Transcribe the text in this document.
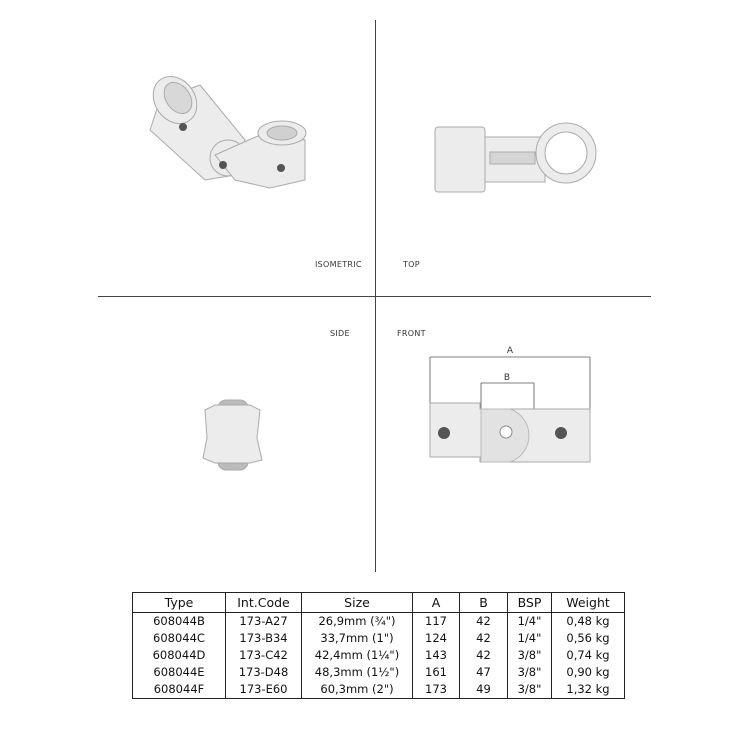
ISOMETRIC	TOP
SIDE	FRONT
A
B
Type	Int.Code	Size	A	B	BSP	Weight
608044B	173-A27	26,9mm (¾")	117	42	1/4"	0,48 kg
608044C	173-B34	33,7mm (1")	124	42	1/4"	0,56 kg
608044D	173-C42	42,4mm (1¼")	143	42	3/8"	0,74 kg
608044E	173-D48	48,3mm (1½")	161	47	3/8"	0,90 kg
608044F	173-E60	60,3mm (2")	173	49	3/8"	1,32 kg
